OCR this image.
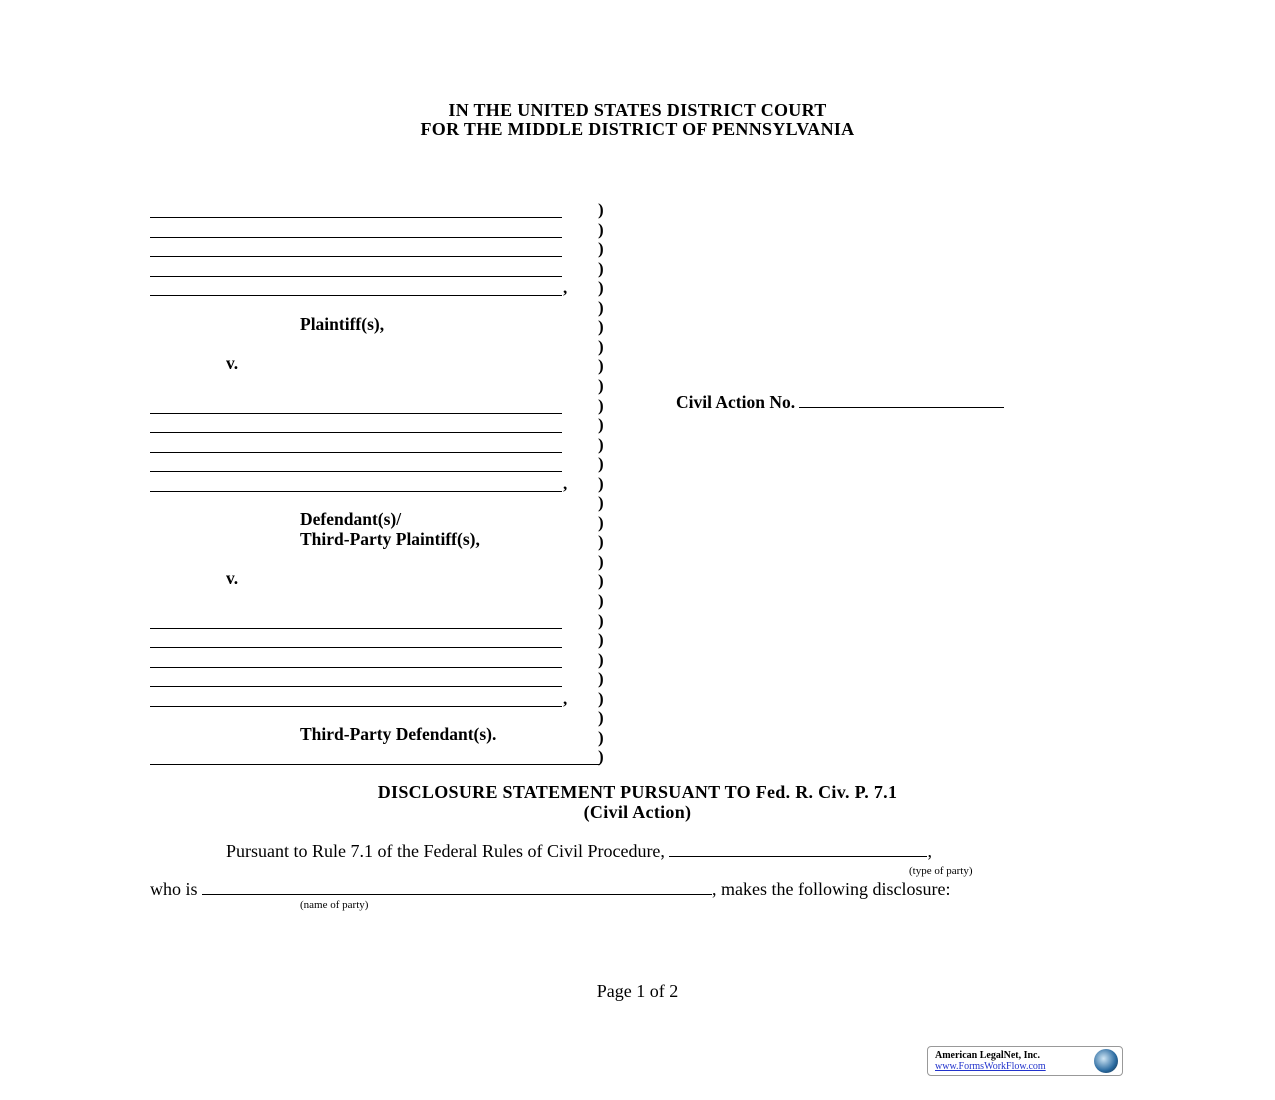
IN THE UNITED STATES DISTRICT COURT
FOR THE MIDDLE DISTRICT OF PENNSYLVANIA
)
)
)
)
)
,
)
)
)
)
)
)
)
)
)
)
,
)
)
)
)
)
)
)
)
)
)
)
,
)
)
)
Plaintiff(s),
v.
Defendant(s)/
Third-Party Plaintiff(s),
v.
Third-Party Defendant(s).
Civil Action No.
DISCLOSURE STATEMENT PURSUANT TO Fed. R. Civ. P. 7.1
(Civil Action)
Pursuant to Rule 7.1 of the Federal Rules of Civil Procedure,	,
(type of party)
who is	, makes the following disclosure:
(name of party)
Page 1 of 2
American LegalNet, Inc.
www.FormsWorkFlow.com
